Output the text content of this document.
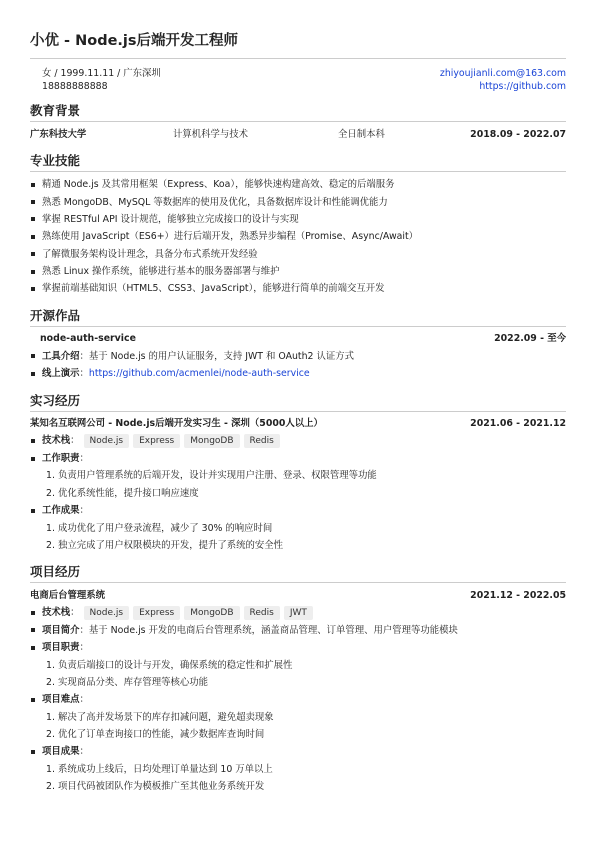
小优 - Node.js后端开发工程师
女 / 1999.11.11 / 广东深圳
18888888888
zhiyoujianli.com@163.com
https://github.com
教育背景
广东科技大学	计算机科学与技术	全日制本科	2018.09 - 2022.07
专业技能
精通 Node.js 及其常用框架（Express、Koa），能够快速构建高效、稳定的后端服务
熟悉 MongoDB、MySQL 等数据库的使用及优化，具备数据库设计和性能调优能力
掌握 RESTful API 设计规范，能够独立完成接口的设计与实现
熟练使用 JavaScript（ES6+）进行后端开发，熟悉异步编程（Promise、Async/Await）
了解微服务架构设计理念，具备分布式系统开发经验
熟悉 Linux 操作系统，能够进行基本的服务器部署与维护
掌握前端基础知识（HTML5、CSS3、JavaScript），能够进行简单的前端交互开发
开源作品
node-auth-service	2022.09 - 至今
工具介绍 ：基于 Node.js 的用户认证服务，支持 JWT 和 OAuth2 认证方式
线上演示 ： https://github.com/acmenlei/node-auth-service
实习经历
某知名互联网公司 - Node.js后端开发实习生 - 深圳（5000人以上）	2021.06 - 2021.12
技术栈 ：	Node.js	Express	MongoDB	Redis
工作职责 ：
1. 负责用户管理系统的后端开发，设计并实现用户注册、登录、权限管理等功能
2. 优化系统性能，提升接口响应速度
工作成果 ：
1. 成功优化了用户登录流程，减少了 30% 的响应时间
2. 独立完成了用户权限模块的开发，提升了系统的安全性
项目经历
电商后台管理系统	2021.12 - 2022.05
技术栈 ：	Node.js	Express	MongoDB	Redis	JWT
项目简介 ：基于 Node.js 开发的电商后台管理系统，涵盖商品管理、订单管理、用户管理等功能模块
项目职责 ：
1. 负责后端接口的设计与开发，确保系统的稳定性和扩展性
2. 实现商品分类、库存管理等核心功能
项目难点 ：
1. 解决了高并发场景下的库存扣减问题，避免超卖现象
2. 优化了订单查询接口的性能，减少数据库查询时间
项目成果 ：
1. 系统成功上线后，日均处理订单量达到 10 万单以上
2. 项目代码被团队作为模板推广至其他业务系统开发
